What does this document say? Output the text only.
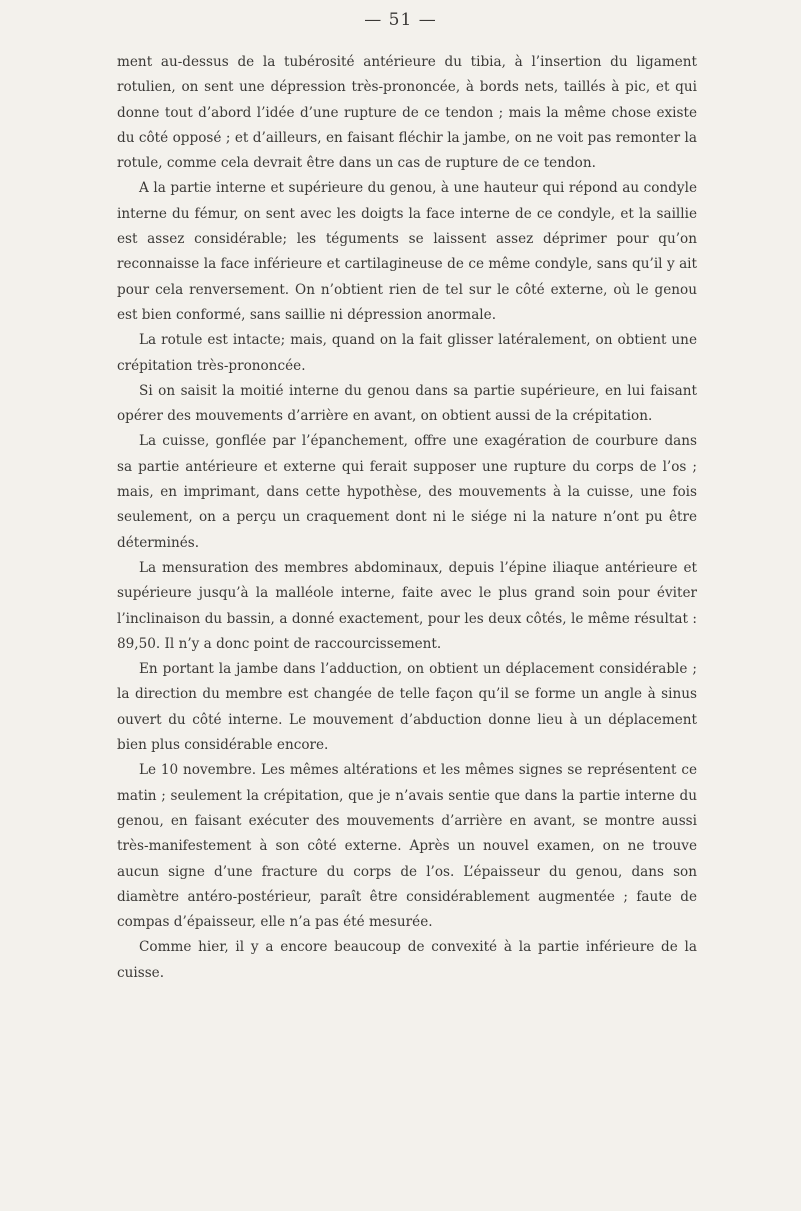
— 51 —

ment au-dessus de la tubérosité antérieure du tibia, à l’insertion du ligament rotulien, on sent une dépression très-prononcée, à bords nets, taillés à pic, et qui donne tout d’abord l’idée d’une rupture de ce tendon ; mais la même chose existe du côté opposé ; et d’ailleurs, en faisant fléchir la jambe, on ne voit pas remonter la rotule, comme cela devrait être dans un cas de rupture de ce tendon.

A la partie interne et supérieure du genou, à une hauteur qui répond au condyle interne du fémur, on sent avec les doigts la face interne de ce condyle, et la saillie est assez considérable; les téguments se laissent assez déprimer pour qu’on reconnaisse la face inférieure et cartilagineuse de ce même condyle, sans qu’il y ait pour cela renversement. On n’obtient rien de tel sur le côté externe, où le genou est bien conformé, sans saillie ni dépression anormale.

La rotule est intacte; mais, quand on la fait glisser latéralement, on obtient une crépitation très-prononcée.

Si on saisit la moitié interne du genou dans sa partie supérieure, en lui faisant opérer des mouvements d’arrière en avant, on obtient aussi de la crépitation.

La cuisse, gonflée par l’épanchement, offre une exagération de courbure dans sa partie antérieure et externe qui ferait supposer une rupture du corps de l’os ; mais, en imprimant, dans cette hypothèse, des mouvements à la cuisse, une fois seulement, on a perçu un craquement dont ni le siége ni la nature n’ont pu être déterminés.

La mensuration des membres abdominaux, depuis l’épine iliaque antérieure et supérieure jusqu’à la malléole interne, faite avec le plus grand soin pour éviter l’inclinaison du bassin, a donné exactement, pour les deux côtés, le même résultat : 89,50. Il n’y a donc point de raccourcissement.

En portant la jambe dans l’adduction, on obtient un déplacement considérable ; la direction du membre est changée de telle façon qu’il se forme un angle à sinus ouvert du côté interne. Le mouvement d’abduction donne lieu à un déplacement bien plus considérable encore.

Le 10 novembre. Les mêmes altérations et les mêmes signes se représentent ce matin ; seulement la crépitation, que je n’avais sentie que dans la partie interne du genou, en faisant exécuter des mouvements d’arrière en avant, se montre aussi très-manifestement à son côté externe. Après un nouvel examen, on ne trouve aucun signe d’une fracture du corps de l’os. L’épaisseur du genou, dans son diamètre antéro-postérieur, paraît être considérablement augmentée ; faute de compas d’épaisseur, elle n’a pas été mesurée.

Comme hier, il y a encore beaucoup de convexité à la partie inférieure de la cuisse.
